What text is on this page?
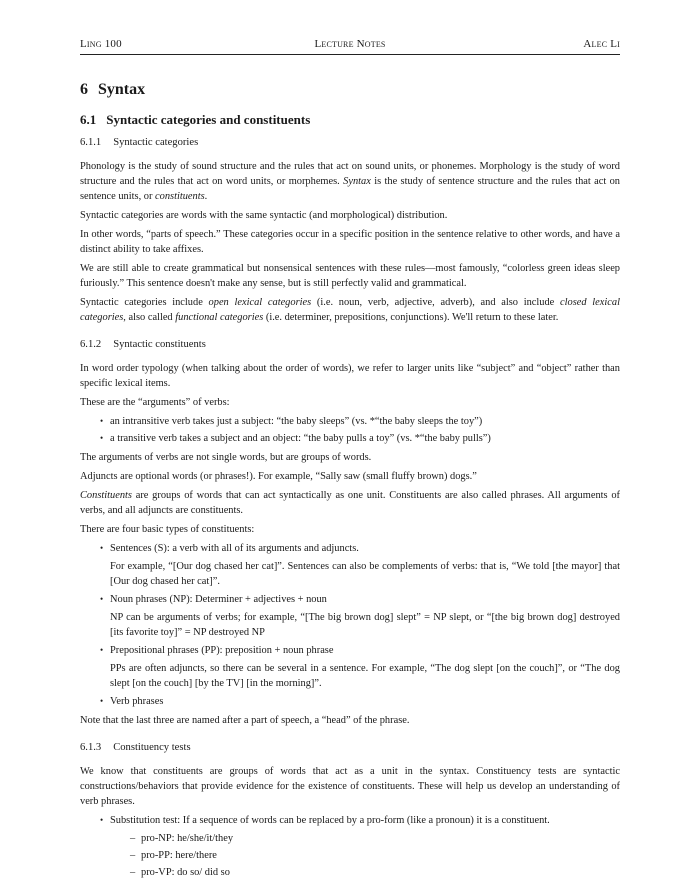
Ling 100	Lecture Notes	Alec Li
6 Syntax
6.1 Syntactic categories and constituents
6.1.1 Syntactic categories

Phonology is the study of sound structure and the rules that act on sound units, or phonemes. Morphology is the study of word structure and the rules that act on word units, or morphemes. Syntax is the study of sentence structure and the rules that act on sentence units, or constituents.

Syntactic categories are words with the same syntactic (and morphological) distribution.

In other words, “parts of speech.” These categories occur in a specific position in the sentence relative to other words, and have a distinct ability to take affixes.

We are still able to create grammatical but nonsensical sentences with these rules—most famously, “colorless green ideas sleep furiously.” This sentence doesn't make any sense, but is still perfectly valid and grammatical.

Syntactic categories include open lexical categories (i.e. noun, verb, adjective, adverb), and also include closed lexical categories, also called functional categories (i.e. determiner, prepositions, conjunctions). We'll return to these later.

6.1.2 Syntactic constituents

In word order typology (when talking about the order of words), we refer to larger units like “subject” and “object” rather than specific lexical items.

These are the “arguments” of verbs:

• an intransitive verb takes just a subject: “the baby sleeps” (vs. *“the baby sleeps the toy”)
• a transitive verb takes a subject and an object: “the baby pulls a toy” (vs. *“the baby pulls”)

The arguments of verbs are not single words, but are groups of words.

Adjuncts are optional words (or phrases!). For example, “Sally saw (small fluffy brown) dogs.”

Constituents are groups of words that can act syntactically as one unit. Constituents are also called phrases. All arguments of verbs, and all adjuncts are constituents.

There are four basic types of constituents:

• Sentences (S): a verb with all of its arguments and adjuncts.

For example, “[Our dog chased her cat]”. Sentences can also be complements of verbs: that is, “We told [the mayor] that [Our dog chased her cat]”.

• Noun phrases (NP): Determiner + adjectives + noun

NP can be arguments of verbs; for example, “[The big brown dog] slept” = NP slept, or “[the big brown dog] destroyed [its favorite toy]” = NP destroyed NP

• Prepositional phrases (PP): preposition + noun phrase

PPs are often adjuncts, so there can be several in a sentence. For example, “The dog slept [on the couch]”, or “The dog slept [on the couch] [by the TV] [in the morning]”.

• Verb phrases

Note that the last three are named after a part of speech, a “head” of the phrase.

6.1.3 Constituency tests

We know that constituents are groups of words that act as a unit in the syntax. Constituency tests are syntactic constructions/behaviors that provide evidence for the existence of constituents. These will help us develop an understanding of verb phrases.

• Substitution test: If a sequence of words can be replaced by a pro-form (like a pronoun) it is a constituent.

– pro-NP: he/she/it/they
– pro-PP: here/there
– pro-VP: do so/ did so
